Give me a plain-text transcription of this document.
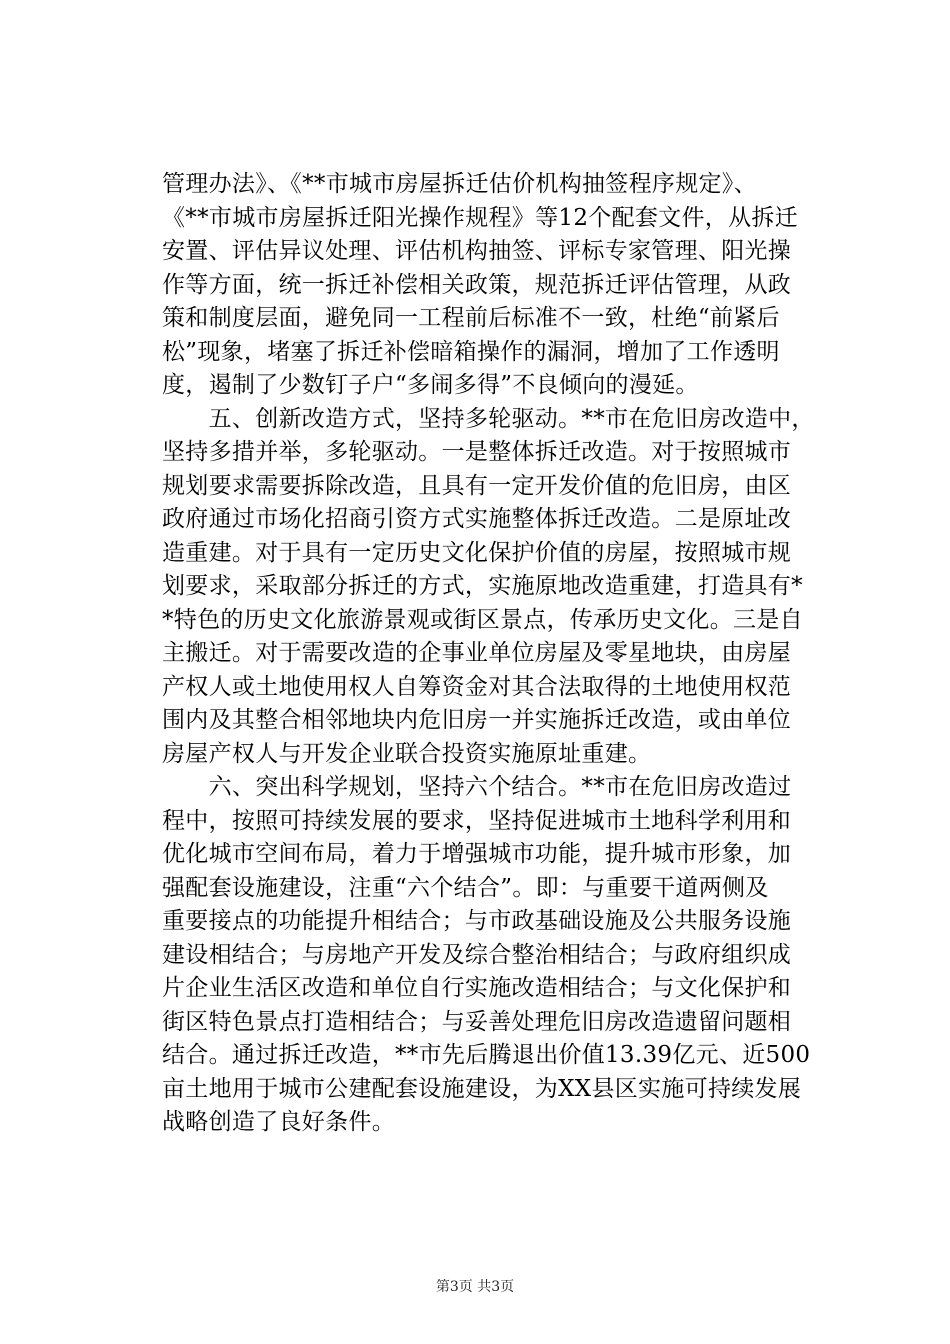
管理办法》、《**市城市房屋拆迁估价机构抽签程序规定》、
《**市城市房屋拆迁阳光操作规程》等12个配套文件，从拆迁
安置、评估异议处理、评估机构抽签、评标专家管理、阳光操
作等方面，统一拆迁补偿相关政策，规范拆迁评估管理，从政
策和制度层面，避免同一工程前后标准不一致，杜绝“前紧后
松”现象，堵塞了拆迁补偿暗箱操作的漏洞，增加了工作透明
度，遏制了少数钉子户“多闹多得”不良倾向的漫延。
　　五、创新改造方式，坚持多轮驱动。**市在危旧房改造中，
坚持多措并举，多轮驱动。一是整体拆迁改造。对于按照城市
规划要求需要拆除改造，且具有一定开发价值的危旧房，由区
政府通过市场化招商引资方式实施整体拆迁改造。二是原址改
造重建。对于具有一定历史文化保护价值的房屋，按照城市规
划要求，采取部分拆迁的方式，实施原地改造重建，打造具有*
*特色的历史文化旅游景观或街区景点，传承历史文化。三是自
主搬迁。对于需要改造的企事业单位房屋及零星地块，由房屋
产权人或土地使用权人自筹资金对其合法取得的土地使用权范
围内及其整合相邻地块内危旧房一并实施拆迁改造，或由单位
房屋产权人与开发企业联合投资实施原址重建。
　　六、突出科学规划，坚持六个结合。**市在危旧房改造过
程中，按照可持续发展的要求，坚持促进城市土地科学利用和
优化城市空间布局，着力于增强城市功能，提升城市形象，加
强配套设施建设，注重“六个结合”。即：与重要干道两侧及
重要接点的功能提升相结合；与市政基础设施及公共服务设施
建设相结合；与房地产开发及综合整治相结合；与政府组织成
片企业生活区改造和单位自行实施改造相结合；与文化保护和
街区特色景点打造相结合；与妥善处理危旧房改造遗留问题相
结合。通过拆迁改造，**市先后腾退出价值13.39亿元、近500
亩土地用于城市公建配套设施建设，为XX县区实施可持续发展
战略创造了良好条件。
第3页 共3页
